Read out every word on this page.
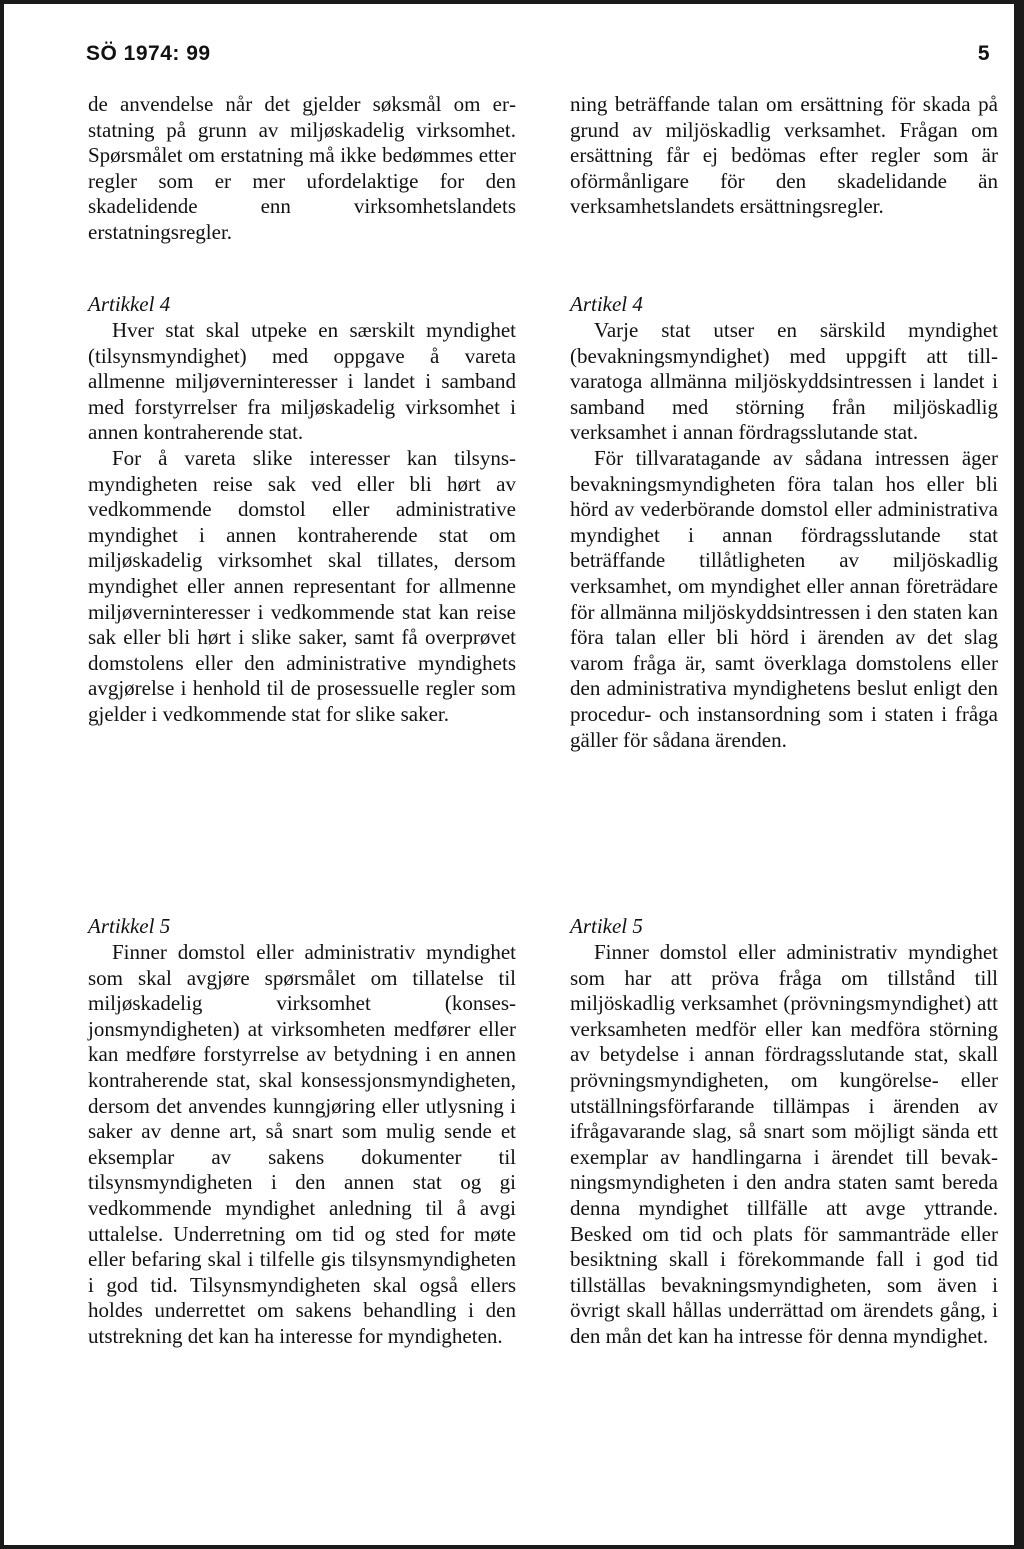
SÖ 1974: 99	5

de anvendelse når det gjelder søksmål om erstatning på grunn av miljøskadelig virksomhet. Spørsmålet om erstatning må ikke bedømmes etter regler som er mer ufordelaktige for den skadelidende enn virksomhetslandets erstatningsregler.

Artikkel 4

Hver stat skal utpeke en særskilt myndighet (tilsynsmyndighet) med oppgave å vareta allmenne miljøverninteresser i landet i samband med forstyrrelser fra miljøskadelig virksomhet i annen kontraherende stat.

For å vareta slike interesser kan tilsynsmyndigheten reise sak ved eller bli hørt av vedkommende domstol eller administrative myndighet i annen kontraherende stat om miljøskadelig virksomhet skal tillates, dersom myndighet eller annen representant for allmenne miljøverninteresser i vedkommende stat kan reise sak eller bli hørt i slike saker, samt få overprøvet domstolens eller den administrative myndighets avgjørelse i henhold til de prosessuelle regler som gjelder i vedkommende stat for slike saker.

Artikkel 5

Finner domstol eller administrativ myndighet som skal avgjøre spørsmålet om tillatelse til miljøskadelig virksomhet (konsesjonsmyndigheten) at virksomheten medfører eller kan medføre forstyrrelse av betydning i en annen kontraherende stat, skal konsessjonsmyndigheten, dersom det anvendes kunngjøring eller utlysning i saker av denne art, så snart som mulig sende et eksemplar av sakens dokumenter til tilsynsmyndigheten i den annen stat og gi vedkommende myndighet anledning til å avgi uttalelse. Underretning om tid og sted for møte eller befaring skal i tilfelle gis tilsynsmyndigheten i god tid. Tilsynsmyndigheten skal også ellers holdes underrettet om sakens behandling i den utstrekning det kan ha interesse for myndigheten.

ning beträffande talan om ersättning för skada på grund av miljöskadlig verksamhet. Frågan om ersättning får ej bedömas efter regler som är oförmånligare för den skadelidande än verksamhetslandets ersättningsregler.

Artikel 4

Varje stat utser en särskild myndighet (bevakningsmyndighet) med uppgift att tillvaratoga allmänna miljöskyddsintressen i landet i samband med störning från miljöskadlig verksamhet i annan fördragsslutande stat.

För tillvaratagande av sådana intressen äger bevakningsmyndigheten föra talan hos eller bli hörd av vederbörande domstol eller administrativa myndighet i annan fördragsslutande stat beträffande tillåtligheten av miljöskadlig verksamhet, om myndighet eller annan företrädare för allmänna miljöskyddsintressen i den staten kan föra talan eller bli hörd i ärenden av det slag varom fråga är, samt överklaga domstolens eller den administrativa myndighetens beslut enligt den procedur- och instansordning som i staten i fråga gäller för sådana ärenden.

Artikel 5

Finner domstol eller administrativ myndighet som har att pröva fråga om tillstånd till miljöskadlig verksamhet (prövningsmyndighet) att verksamheten medför eller kan medföra störning av betydelse i annan fördragsslutande stat, skall prövningsmyndigheten, om kungörelse- eller utställningsförfarande tillämpas i ärenden av ifrågavarande slag, så snart som möjligt sända ett exemplar av handlingarna i ärendet till bevakningsmyndigheten i den andra staten samt bereda denna myndighet tillfälle att avge yttrande. Besked om tid och plats för sammanträde eller besiktning skall i förekommande fall i god tid tillställas bevakningsmyndigheten, som även i övrigt skall hållas underrättad om ärendets gång, i den mån det kan ha intresse för denna myndighet.
